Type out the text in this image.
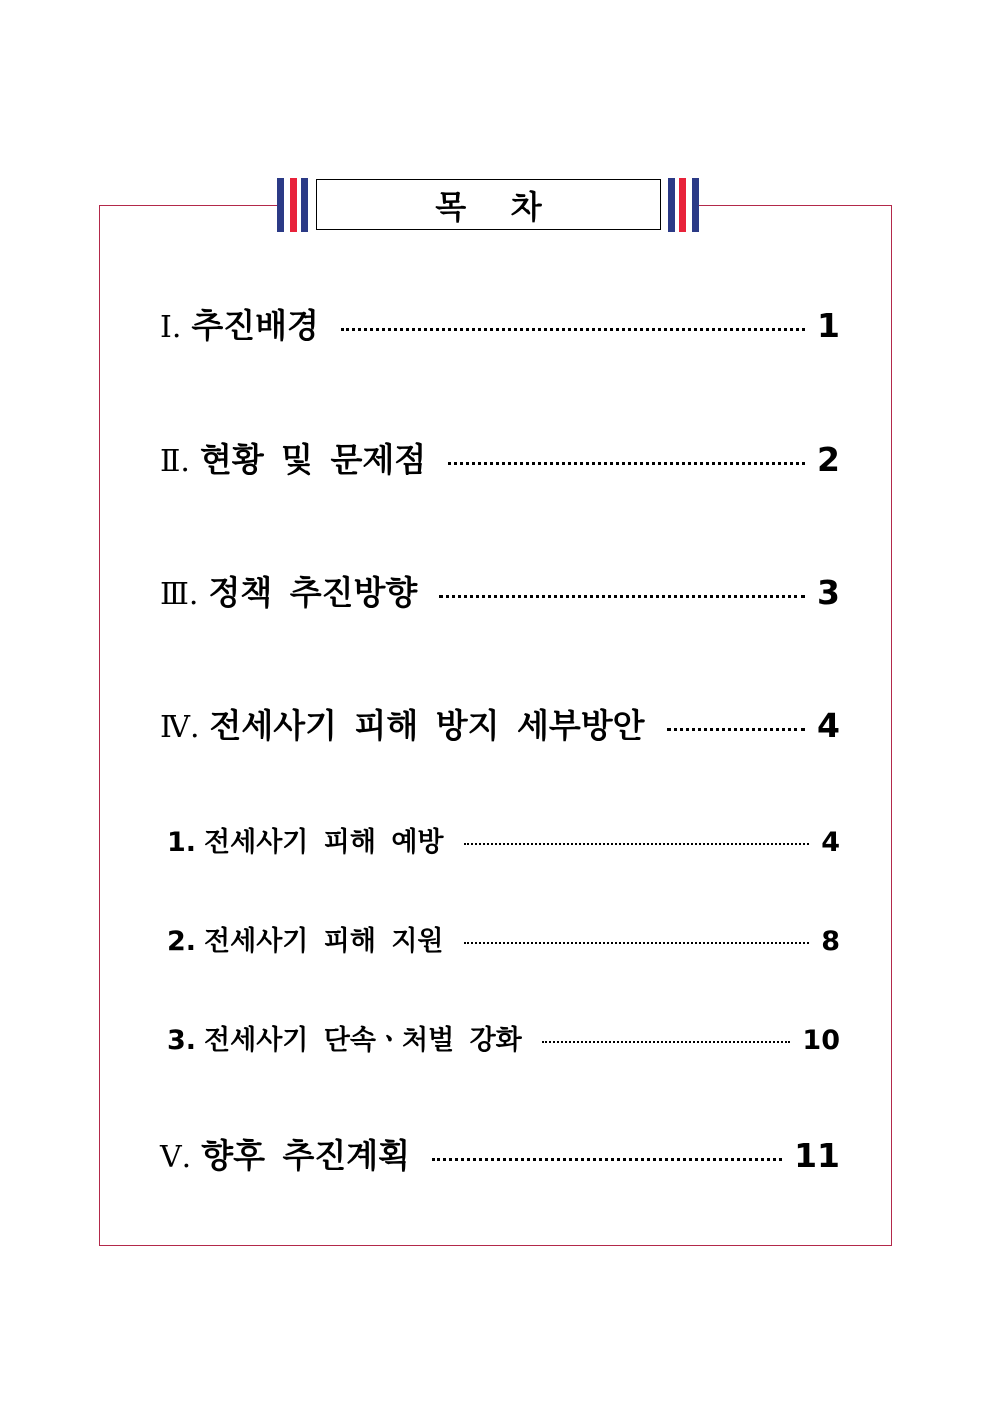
목    차
Ⅰ. 추진배경	1
Ⅱ. 현황 및 문제점	2
Ⅲ. 정책 추진방향	3
Ⅳ. 전세사기 피해 방지 세부방안	4
1. 전세사기 피해 예방	4
2. 전세사기 피해 지원	8
3. 전세사기 단속ㆍ처벌 강화	10
Ⅴ. 향후 추진계획	11
